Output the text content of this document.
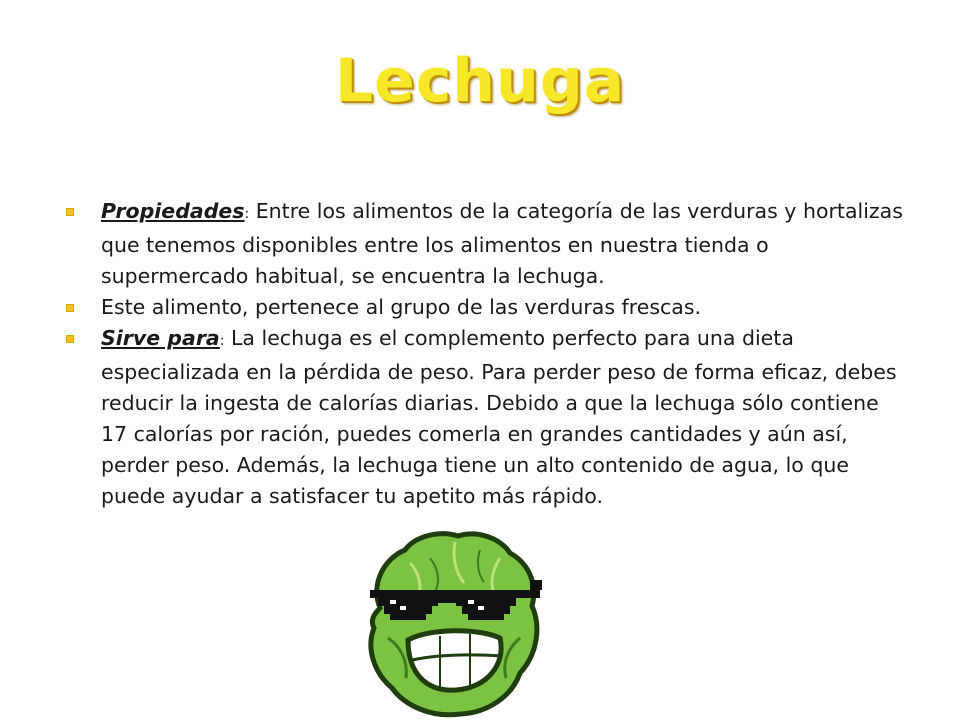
Lechuga
Propiedades: Entre los alimentos de la categoría de las verduras y hortalizas que tenemos disponibles entre los alimentos en nuestra tienda o supermercado habitual, se encuentra la lechuga.
Este alimento, pertenece al grupo de las verduras frescas.
Sirve para: La lechuga es el complemento perfecto para una dieta especializada en la pérdida de peso. Para perder peso de forma eficaz, debes reducir la ingesta de calorías diarias. Debido a que la lechuga sólo contiene 17 calorías por ración, puedes comerla en grandes cantidades y aún así, perder peso. Además, la lechuga tiene un alto contenido de agua, lo que puede ayudar a satisfacer tu apetito más rápido.
